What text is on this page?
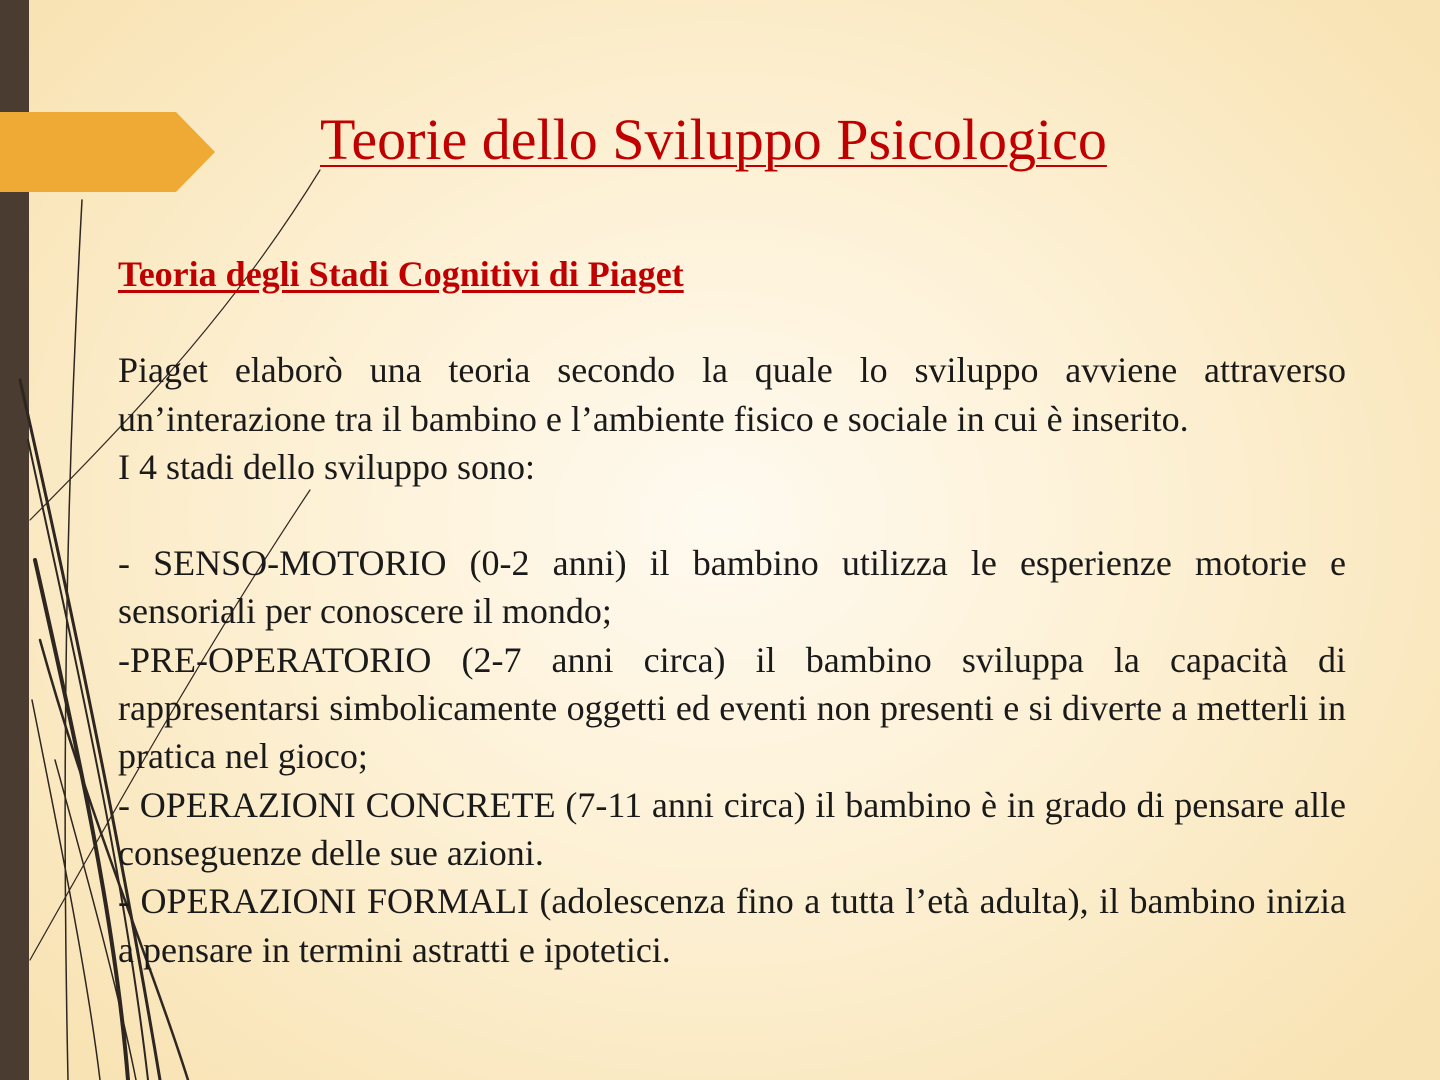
Teorie dello Sviluppo Psicologico
Teoria degli Stadi Cognitivi di Piaget

Piaget elaborò una teoria secondo la quale lo sviluppo avviene attraverso un’interazione tra il bambino e l’ambiente fisico e sociale in cui è inserito.

I 4 stadi dello sviluppo sono:

- SENSO-MOTORIO (0-2 anni) il bambino utilizza le esperienze motorie e sensoriali per conoscere il mondo;

-PRE-OPERATORIO (2-7 anni circa) il bambino sviluppa la capacità di rappresentarsi simbolicamente oggetti ed eventi non presenti e si diverte a metterli in pratica nel gioco;

- OPERAZIONI CONCRETE (7-11 anni circa) il bambino è in grado di pensare alle conseguenze delle sue azioni.

- OPERAZIONI FORMALI (adolescenza fino a tutta l’età adulta), il bambino inizia a pensare in termini astratti e ipotetici.
